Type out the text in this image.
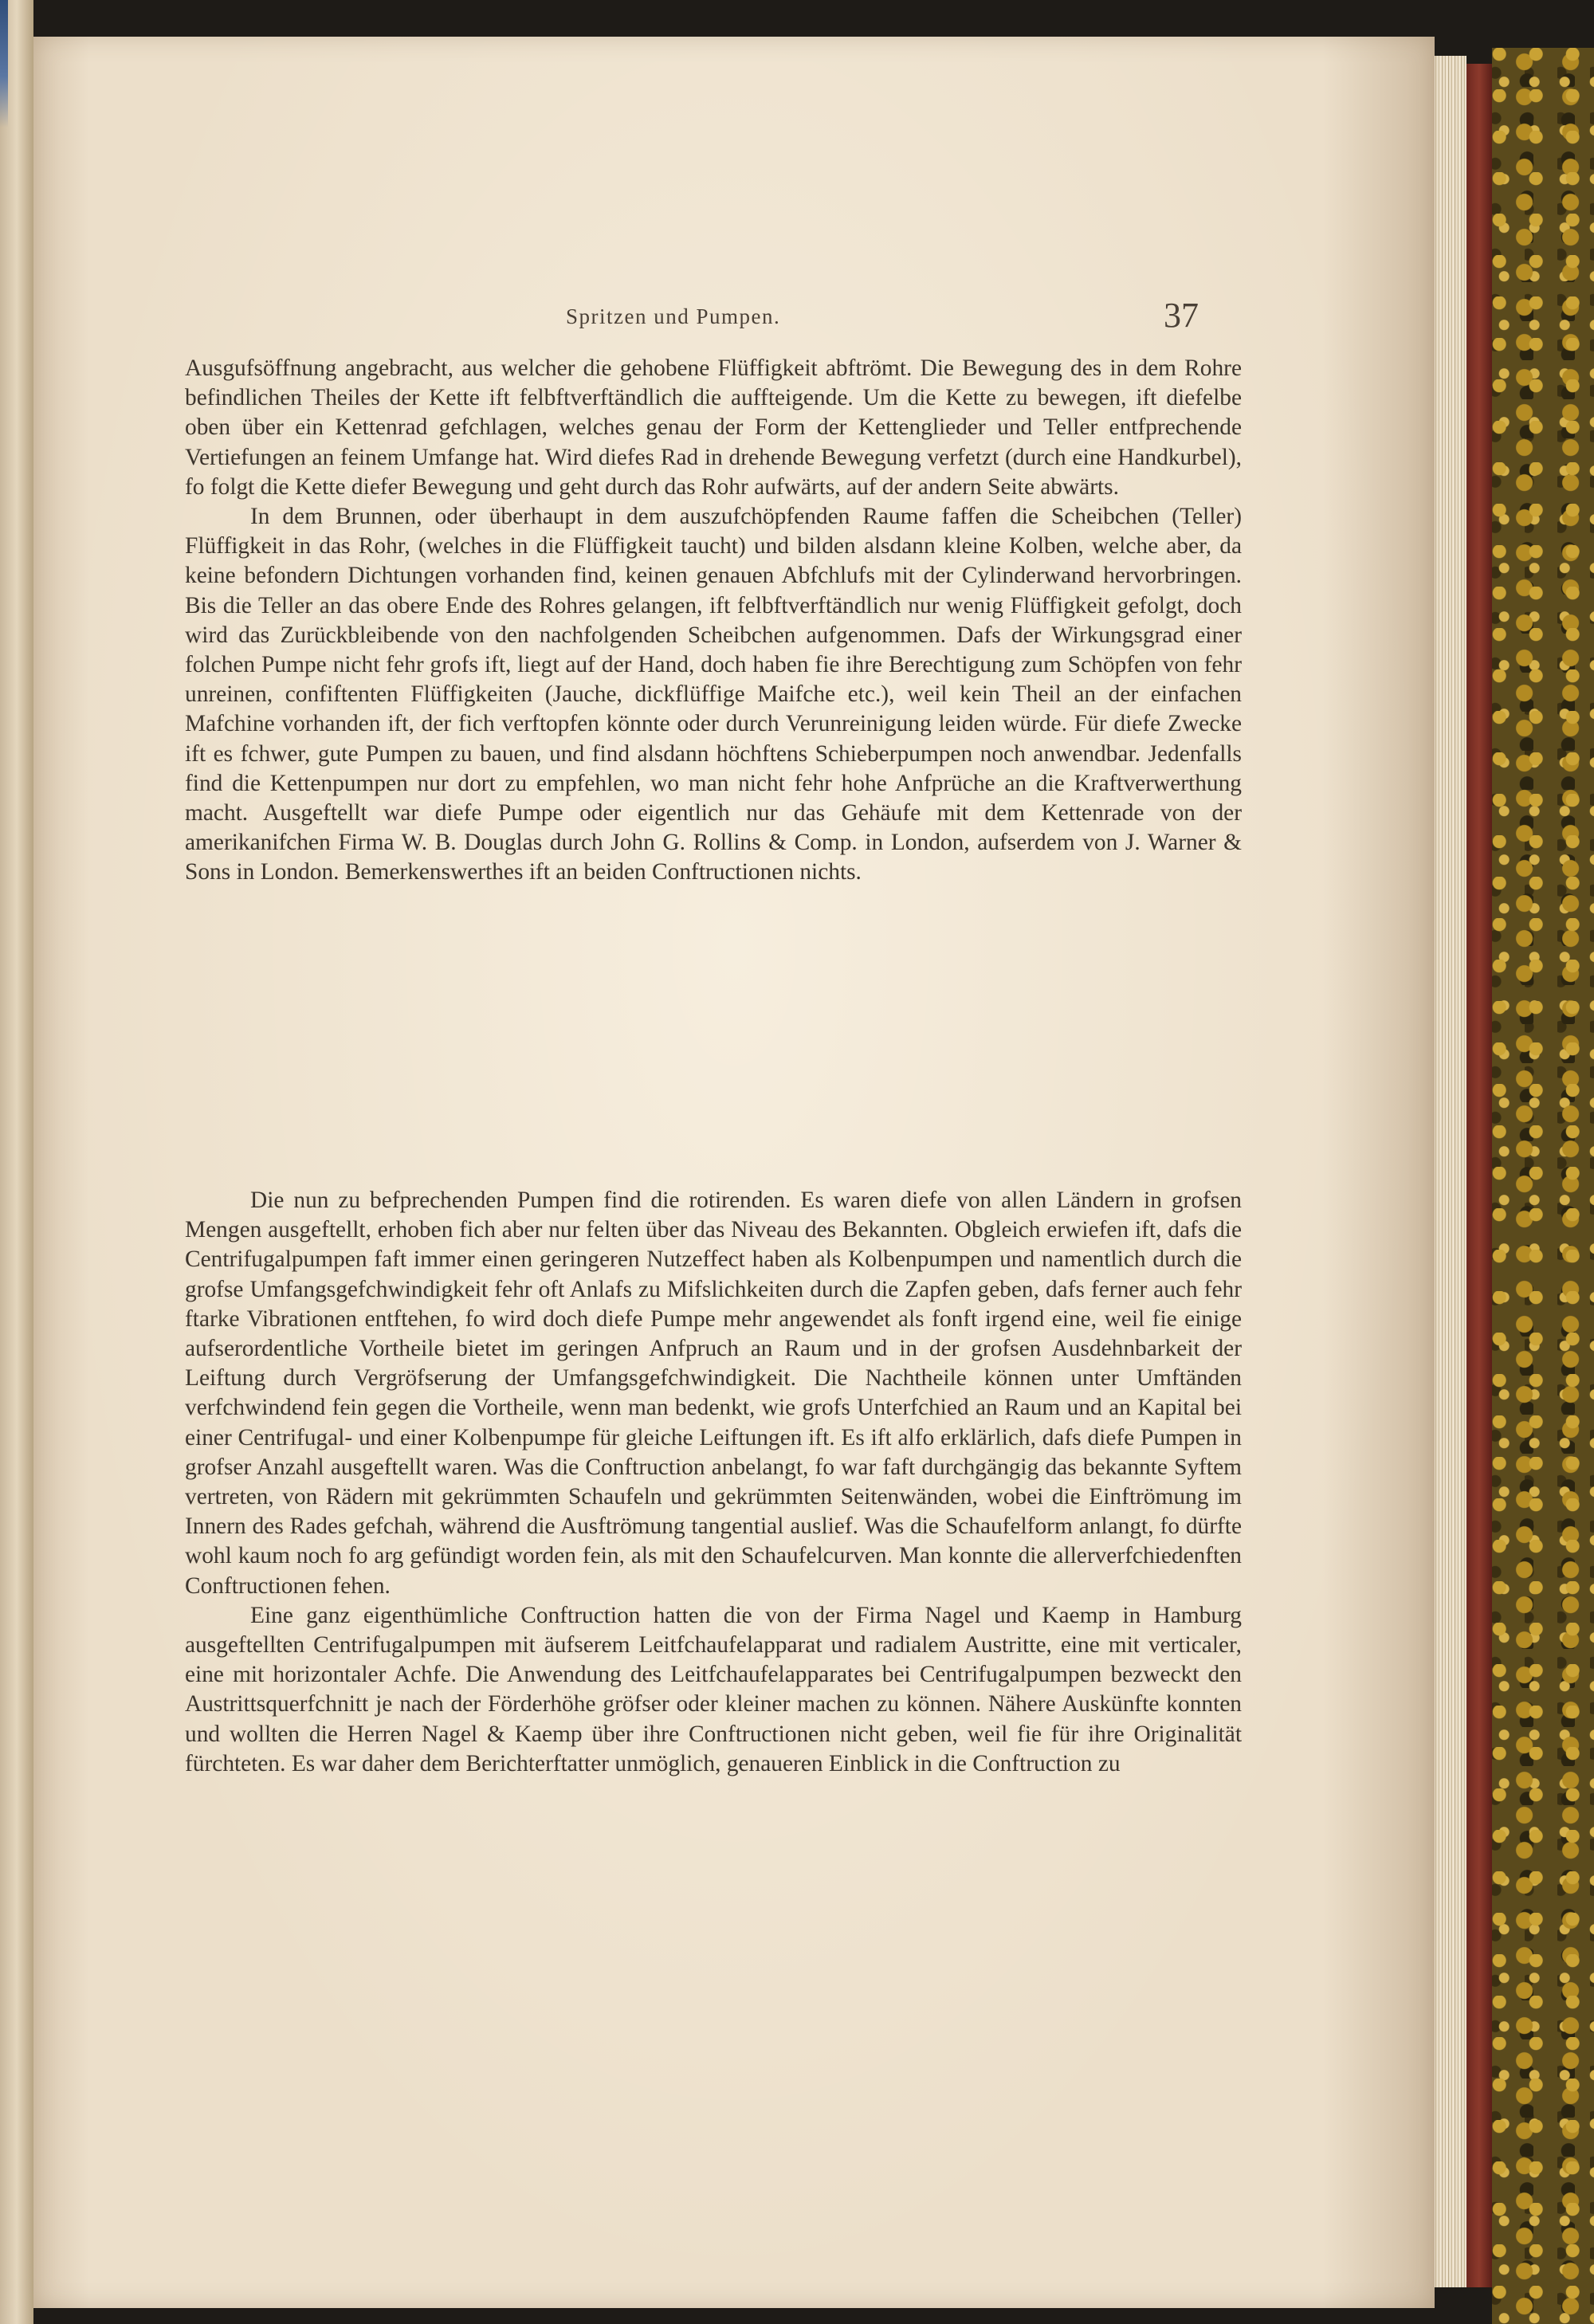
Spritzen und Pumpen.	37

Ausgufsöffnung angebracht, aus welcher die gehobene Flüffigkeit abftrömt. Die Bewegung des in dem Rohre befindlichen Theiles der Kette ift felbftverftändlich die auffteigende. Um die Kette zu bewegen, ift diefelbe oben über ein Kettenrad gefchlagen, welches genau der Form der Kettenglieder und Teller entfprechende Vertiefungen an feinem Umfange hat. Wird diefes Rad in drehende Bewegung verfetzt (durch eine Handkurbel), fo folgt die Kette diefer Bewegung und geht durch das Rohr aufwärts, auf der andern Seite abwärts.

In dem Brunnen, oder überhaupt in dem auszufchöpfenden Raume faffen die Scheibchen (Teller) Flüffigkeit in das Rohr, (welches in die Flüffigkeit taucht) und bilden alsdann kleine Kolben, welche aber, da keine befondern Dichtungen vorhanden find, keinen genauen Abfchlufs mit der Cylinderwand hervorbringen. Bis die Teller an das obere Ende des Rohres gelangen, ift felbftverftändlich nur wenig Flüffigkeit gefolgt, doch wird das Zurückbleibende von den nachfolgenden Scheibchen aufgenommen. Dafs der Wirkungsgrad einer folchen Pumpe nicht fehr grofs ift, liegt auf der Hand, doch haben fie ihre Berechtigung zum Schöpfen von fehr unreinen, confiftenten Flüffigkeiten (Jauche, dickflüffige Maifche etc.), weil kein Theil an der einfachen Mafchine vorhanden ift, der fich verftopfen könnte oder durch Verunreinigung leiden würde. Für diefe Zwecke ift es fchwer, gute Pumpen zu bauen, und find alsdann höchftens Schieberpumpen noch anwendbar. Jedenfalls find die Kettenpumpen nur dort zu empfehlen, wo man nicht fehr hohe Anfprüche an die Kraftverwerthung macht. Ausgeftellt war diefe Pumpe oder eigentlich nur das Gehäufe mit dem Kettenrade von der amerikanifchen Firma W. B. Douglas durch John G. Rollins & Comp. in London, aufserdem von J. Warner & Sons in London. Bemerkenswerthes ift an beiden Conftructionen nichts.

Die nun zu befprechenden Pumpen find die rotirenden. Es waren diefe von allen Ländern in grofsen Mengen ausgeftellt, erhoben fich aber nur felten über das Niveau des Bekannten. Obgleich erwiefen ift, dafs die Centrifugalpumpen faft immer einen geringeren Nutzeffect haben als Kolbenpumpen und namentlich durch die grofse Umfangsgefchwindigkeit fehr oft Anlafs zu Mifslichkeiten durch die Zapfen geben, dafs ferner auch fehr ftarke Vibrationen entftehen, fo wird doch diefe Pumpe mehr angewendet als fonft irgend eine, weil fie einige aufserordentliche Vortheile bietet im geringen Anfpruch an Raum und in der grofsen Ausdehnbarkeit der Leiftung durch Vergröfserung der Umfangsgefchwindigkeit. Die Nachtheile können unter Umftänden verfchwindend fein gegen die Vortheile, wenn man bedenkt, wie grofs Unterfchied an Raum und an Kapital bei einer Centrifugal- und einer Kolbenpumpe für gleiche Leiftungen ift. Es ift alfo erklärlich, dafs diefe Pumpen in grofser Anzahl ausgeftellt waren. Was die Conftruction anbelangt, fo war faft durchgängig das bekannte Syftem vertreten, von Rädern mit gekrümmten Schaufeln und gekrümmten Seitenwänden, wobei die Einftrömung im Innern des Rades gefchah, während die Ausftrömung tangential auslief. Was die Schaufelform anlangt, fo dürfte wohl kaum noch fo arg gefündigt worden fein, als mit den Schaufelcurven. Man konnte die allerverfchiedenften Conftructionen fehen.

Eine ganz eigenthümliche Conftruction hatten die von der Firma Nagel und Kaemp in Hamburg ausgeftellten Centrifugalpumpen mit äufserem Leitfchaufelapparat und radialem Austritte, eine mit verticaler, eine mit horizontaler Achfe. Die Anwendung des Leitfchaufelapparates bei Centrifugalpumpen bezweckt den Austrittsquerfchnitt je nach der Förderhöhe gröfser oder kleiner machen zu können. Nähere Auskünfte konnten und wollten die Herren Nagel & Kaemp über ihre Conftructionen nicht geben, weil fie für ihre Originalität fürchteten. Es war daher dem Berichterftatter unmöglich, genaueren Einblick in die Conftruction zu
